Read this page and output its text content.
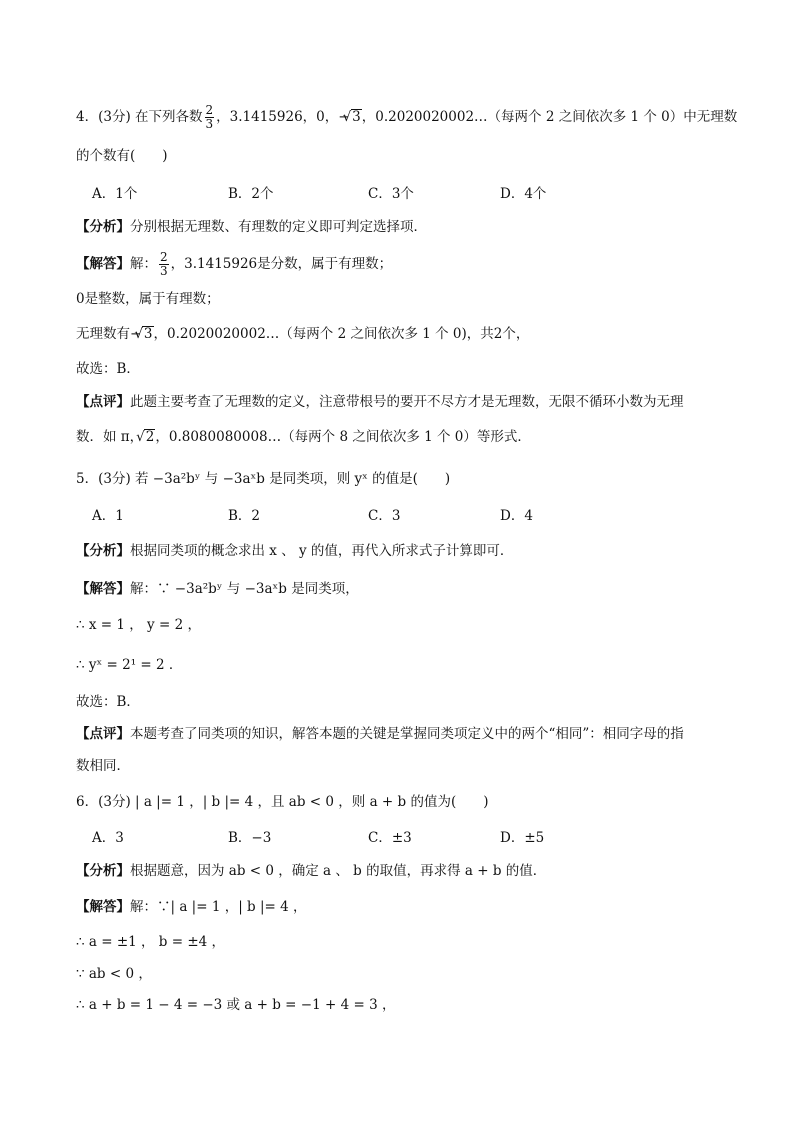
4．(3分) 在下列各数 $\frac{2}{3}$ ，3.1415926，0，− √ 3，0.2020020002…（每两个 2 之间依次多 1 个 0）中无理数
的个数有(　　)
A．1个	B．2个	C．3个	D．4个
【分析】分别根据无理数、有理数的定义即可判定选择项．
【解答】解： $\frac{2}{3}$ ，3.1415926是分数，属于有理数；
0是整数，属于有理数；
无理数有− √ 3，0.2020020002…（每两个 2 之间依次多 1 个 0)，共2个，
故选：B．
【点评】此题主要考查了无理数的定义，注意带根号的要开不尽方才是无理数，无限不循环小数为无理
数．如 π， √ 2，0.8080080008…（每两个 8 之间依次多 1 个 0）等形式．
5．(3分) 若 −3a²bʸ 与 −3aˣb 是同类项，则 yˣ 的值是(　　)
A．1	B．2	C．3	D．4
【分析】根据同类项的概念求出 x 、 y 的值，再代入所求式子计算即可．
【解答】解：∵ −3a²bʸ 与 −3aˣb 是同类项，
∴ x = 1 ， y = 2 ，
∴ yˣ = 2¹ = 2 ．
故选：B．
【点评】本题考查了同类项的知识，解答本题的关键是掌握同类项定义中的两个“相同”：相同字母的指
数相同．
6．(3分) | a |= 1 ，| b |= 4 ，且 ab < 0 ，则 a + b 的值为(　　)
A．3	B．−3	C．±3	D．±5
【分析】根据题意，因为 ab < 0 ，确定 a 、 b 的取值，再求得 a + b 的值．
【解答】解：∵| a |= 1 ，| b |= 4 ，
∴ a = ±1 ， b = ±4 ，
∵ ab < 0 ，
∴ a + b = 1 − 4 = −3 或 a + b = −1 + 4 = 3 ，
